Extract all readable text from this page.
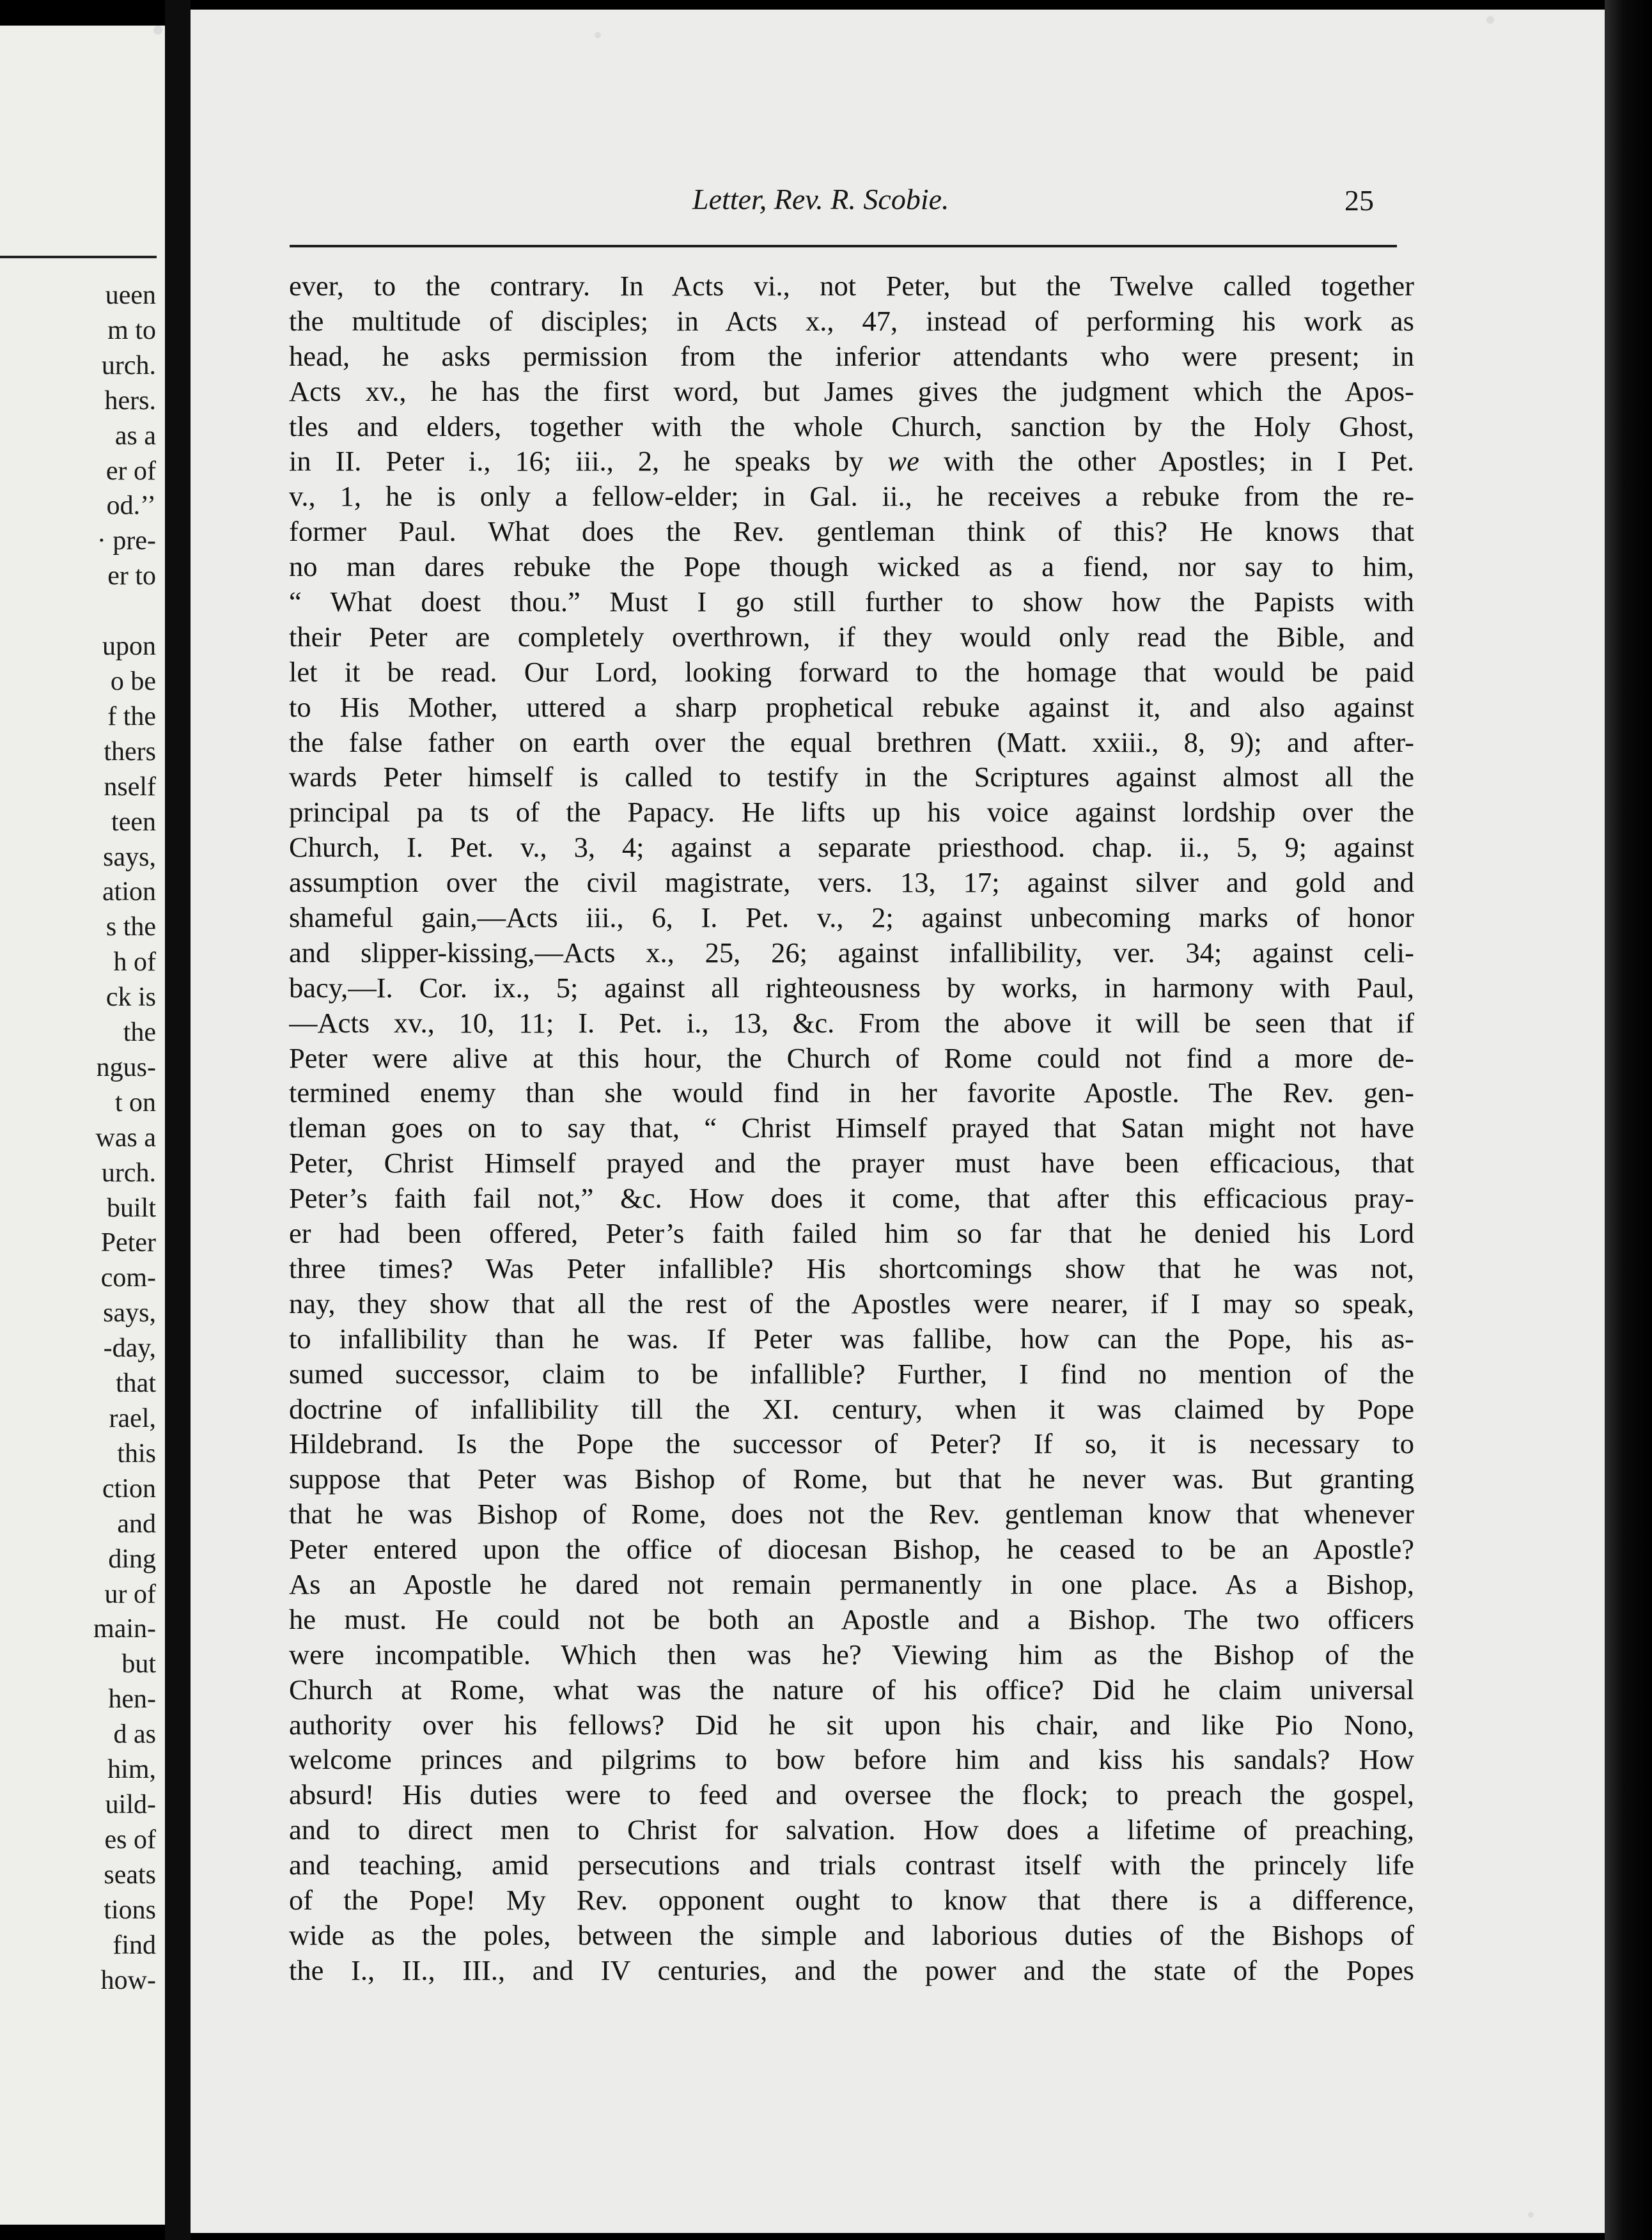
ueen
m to
urch.
hers.
as a
er of
od.’’
· pre-
er to

upon
o be
f the
thers
nself
teen
says,
ation
s the
h of
ck is
the
ngus-
t on
was a
urch.
built
Peter
com-
says,
-day,
that
rael,
this
ction
and
ding
ur of
main-
but
hen-
d as
him,
uild-
es of
seats
tions
find
how-
Letter, Rev. R. Scobie.	25
ever, to the contrary. In Acts vi., not Peter, but the Twelve called together
the multitude of disciples; in Acts x., 47, instead of performing his work as
head, he asks permission from the inferior attendants who were present; in
Acts xv., he has the first word, but James gives the judgment which the Apos-
tles and elders, together with the whole Church, sanction by the Holy Ghost,
in II. Peter i., 16; iii., 2, he speaks by we with the other Apostles; in I Pet.
v., 1, he is only a fellow-elder; in Gal. ii., he receives a rebuke from the re-
former Paul. What does the Rev. gentleman think of this? He knows that
no man dares rebuke the Pope though wicked as a fiend, nor say to him,
“ What doest thou.” Must I go still further to show how the Papists with
their Peter are completely overthrown, if they would only read the Bible, and
let it be read. Our Lord, looking forward to the homage that would be paid
to His Mother, uttered a sharp prophetical rebuke against it, and also against
the false father on earth over the equal brethren (Matt. xxiii., 8, 9); and after-
wards Peter himself is called to testify in the Scriptures against almost all the
principal pa ts of the Papacy. He lifts up his voice against lordship over the
Church, I. Pet. v., 3, 4; against a separate priesthood. chap. ii., 5, 9; against
assumption over the civil magistrate, vers. 13, 17; against silver and gold and
shameful gain,—Acts iii., 6, I. Pet. v., 2; against unbecoming marks of honor
and slipper-kissing,—Acts x., 25, 26; against infallibility, ver. 34; against celi-
bacy,—I. Cor. ix., 5; against all righteousness by works, in harmony with Paul,
—Acts xv., 10, 11; I. Pet. i., 13, &c. From the above it will be seen that if
Peter were alive at this hour, the Church of Rome could not find a more de-
termined enemy than she would find in her favorite Apostle. The Rev. gen-
tleman goes on to say that, “ Christ Himself prayed that Satan might not have
Peter, Christ Himself prayed and the prayer must have been efficacious, that
Peter’s faith fail not,” &c. How does it come, that after this efficacious pray-
er had been offered, Peter’s faith failed him so far that he denied his Lord
three times? Was Peter infallible? His shortcomings show that he was not,
nay, they show that all the rest of the Apostles were nearer, if I may so speak,
to infallibility than he was. If Peter was fallibe, how can the Pope, his as-
sumed successor, claim to be infallible? Further, I find no mention of the
doctrine of infallibility till the XI. century, when it was claimed by Pope
Hildebrand. Is the Pope the successor of Peter? If so, it is necessary to
suppose that Peter was Bishop of Rome, but that he never was. But granting
that he was Bishop of Rome, does not the Rev. gentleman know that whenever
Peter entered upon the office of diocesan Bishop, he ceased to be an Apostle?
As an Apostle he dared not remain permanently in one place. As a Bishop,
he must. He could not be both an Apostle and a Bishop. The two officers
were incompatible. Which then was he? Viewing him as the Bishop of the
Church at Rome, what was the nature of his office? Did he claim universal
authority over his fellows? Did he sit upon his chair, and like Pio Nono,
welcome princes and pilgrims to bow before him and kiss his sandals? How
absurd! His duties were to feed and oversee the flock; to preach the gospel,
and to direct men to Christ for salvation. How does a lifetime of preaching,
and teaching, amid persecutions and trials contrast itself with the princely life
of the Pope! My Rev. opponent ought to know that there is a difference,
wide as the poles, between the simple and laborious duties of the Bishops of
the I., II., III., and IV centuries, and the power and the state of the Popes
